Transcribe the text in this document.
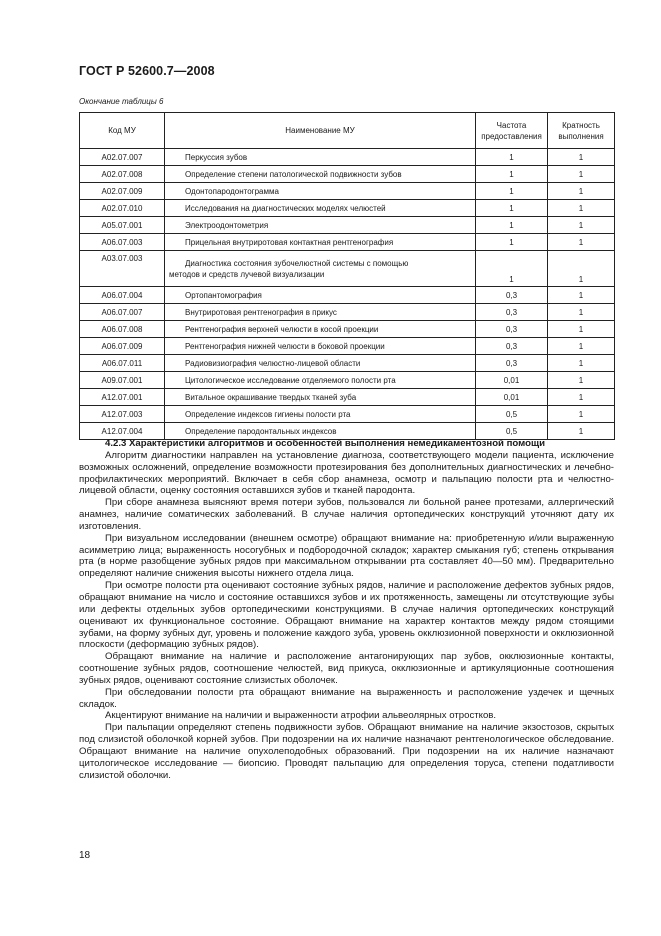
ГОСТ Р 52600.7—2008
Окончание таблицы 6
Код МУ	Наименование МУ	Частота предоставления	Кратность выполнения
A02.07.007	Перкуссия зубов	1	1
A02.07.008	Определение степени патологической подвижности зубов	1	1
A02.07.009	Одонтопародонтограмма	1	1
A02.07.010	Исследования на диагностических моделях челюстей	1	1
A05.07.001	Электроодонтометрия	1	1
A06.07.003	Прицельная внутриротовая контактная рентгенография	1	1
A03.07.003	Диагностика состояния зубочелюстной системы с помощью
методов и средств лучевой визуализации	1	1
A06.07.004	Ортопантомография	0,3	1
A06.07.007	Внутриротовая рентгенография в прикус	0,3	1
A06.07.008	Рентгенография верхней челюсти в косой проекции	0,3	1
A06.07.009	Рентгенография нижней челюсти в боковой проекции	0,3	1
A06.07.011	Радиовизиография челюстно-лицевой области	0,3	1
A09.07.001	Цитологическое исследование отделяемого полости рта	0,01	1
A12.07.001	Витальное окрашивание твердых тканей зуба	0,01	1
A12.07.003	Определение индексов гигиены полости рта	0,5	1
A12.07.004	Определение пародонтальных индексов	0,5	1

4.2.3 Характеристики алгоритмов и особенностей выполнения немедикаментозной помощи

Алгоритм диагностики направлен на установление диагноза, соответствующего модели пациента, исключение возможных осложнений, определение возможности протезирования без дополнительных диагностических и лечебно-профилактических мероприятий. Включает в себя сбор анамнеза, осмотр и пальпацию полости рта и челюстно-лицевой области, оценку состояния оставшихся зубов и тканей пародонта.

При сборе анамнеза выясняют время потери зубов, пользовался ли больной ранее протезами, аллергический анамнез, наличие соматических заболеваний. В случае наличия ортопедических конструкций уточняют дату их изготовления.

При визуальном исследовании (внешнем осмотре) обращают внимание на: приобретенную и/или выраженную асимметрию лица; выраженность носогубных и подбородочной складок; характер смыкания губ; степень открывания рта (в норме разобщение зубных рядов при максимальном открывании рта составляет 40—50 мм). Предварительно определяют наличие снижения высоты нижнего отдела лица.

При осмотре полости рта оценивают состояние зубных рядов, наличие и расположение дефектов зубных рядов, обращают внимание на число и состояние оставшихся зубов и их протяженность, замещены ли отсутствующие зубы или дефекты отдельных зубов ортопедическими конструкциями. В случае наличия ортопедических конструкций оценивают их функциональное состояние. Обращают внимание на характер контактов между рядом стоящими зубами, на форму зубных дуг, уровень и положение каждого зуба, уровень окклюзионной поверхности и окклюзионной плоскости (деформацию зубных рядов).

Обращают внимание на наличие и расположение антагонирующих пар зубов, окклюзионные контакты, соотношение зубных рядов, соотношение челюстей, вид прикуса, окклюзионные и артикуляционные соотношения зубных рядов, оценивают состояние слизистых оболочек.

При обследовании полости рта обращают внимание на выраженность и расположение уздечек и щечных складок.

Акцентируют внимание на наличии и выраженности атрофии альвеолярных отростков.

При пальпации определяют степень подвижности зубов. Обращают внимание на наличие экзостозов, скрытых под слизистой оболочкой корней зубов. При подозрении на их наличие назначают рентгенологическое обследование. Обращают внимание на наличие опухолеподобных образований. При подозрении на их наличие назначают цитологическое исследование — биопсию. Проводят пальпацию для определения торуса, степени податливости слизистой оболочки.

18
